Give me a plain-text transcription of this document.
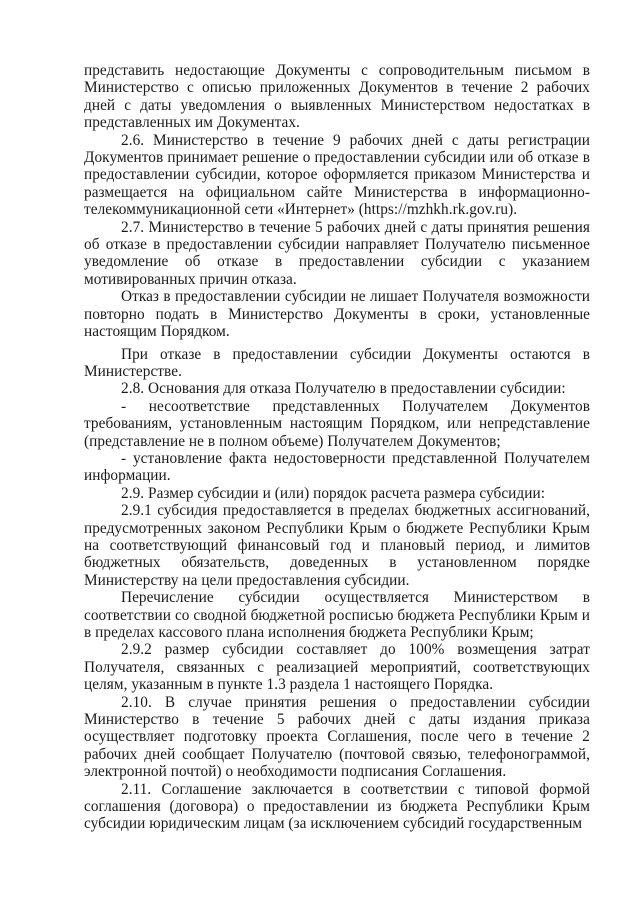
представить недостающие Документы с сопроводительным письмом в Министерство с описью приложенных Документов в течение 2 рабочих дней с даты уведомления о выявленных Министерством недостатках в представленных им Документах.

2.6. Министерство в течение 9 рабочих дней с даты регистрации Документов принимает решение о предоставлении субсидии или об отказе в предоставлении субсидии, которое оформляется приказом Министерства и размещается на официальном сайте Министерства в информационно-телекоммуникационной сети «Интернет» (https://mzhkh.rk.gov.ru).

2.7. Министерство в течение 5 рабочих дней с даты принятия решения об отказе в предоставлении субсидии направляет Получателю письменное уведомление об отказе в предоставлении субсидии с указанием мотивированных причин отказа.

Отказ в предоставлении субсидии не лишает Получателя возможности повторно подать в Министерство Документы в сроки, установленные настоящим Порядком.

При отказе в предоставлении субсидии Документы остаются в Министерстве.

2.8. Основания для отказа Получателю в предоставлении субсидии:

- несоответствие представленных Получателем Документов требованиям, установленным настоящим Порядком, или непредставление (представление не в полном объеме) Получателем Документов;

- установление факта недостоверности представленной Получателем информации.

2.9. Размер субсидии и (или) порядок расчета размера субсидии:

2.9.1 субсидия предоставляется в пределах бюджетных ассигнований, предусмотренных законом Республики Крым о бюджете Республики Крым на соответствующий финансовый год и плановый период, и лимитов бюджетных обязательств, доведенных в установленном порядке Министерству на цели предоставления субсидии.

Перечисление субсидии осуществляется Министерством в соответствии со сводной бюджетной росписью бюджета Республики Крым и в пределах кассового плана исполнения бюджета Республики Крым;

2.9.2 размер субсидии составляет до 100% возмещения затрат Получателя, связанных с реализацией мероприятий, соответствующих целям, указанным в пункте 1.3 раздела 1 настоящего Порядка.

2.10. В случае принятия решения о предоставлении субсидии Министерство в течение 5 рабочих дней с даты издания приказа осуществляет подготовку проекта Соглашения, после чего в течение 2 рабочих дней сообщает Получателю (почтовой связью, телефонограммой, электронной почтой) о необходимости подписания Соглашения.

2.11. Соглашение заключается в соответствии с типовой формой соглашения (договора) о предоставлении из бюджета Республики Крым субсидии юридическим лицам (за исключением субсидий государственным
